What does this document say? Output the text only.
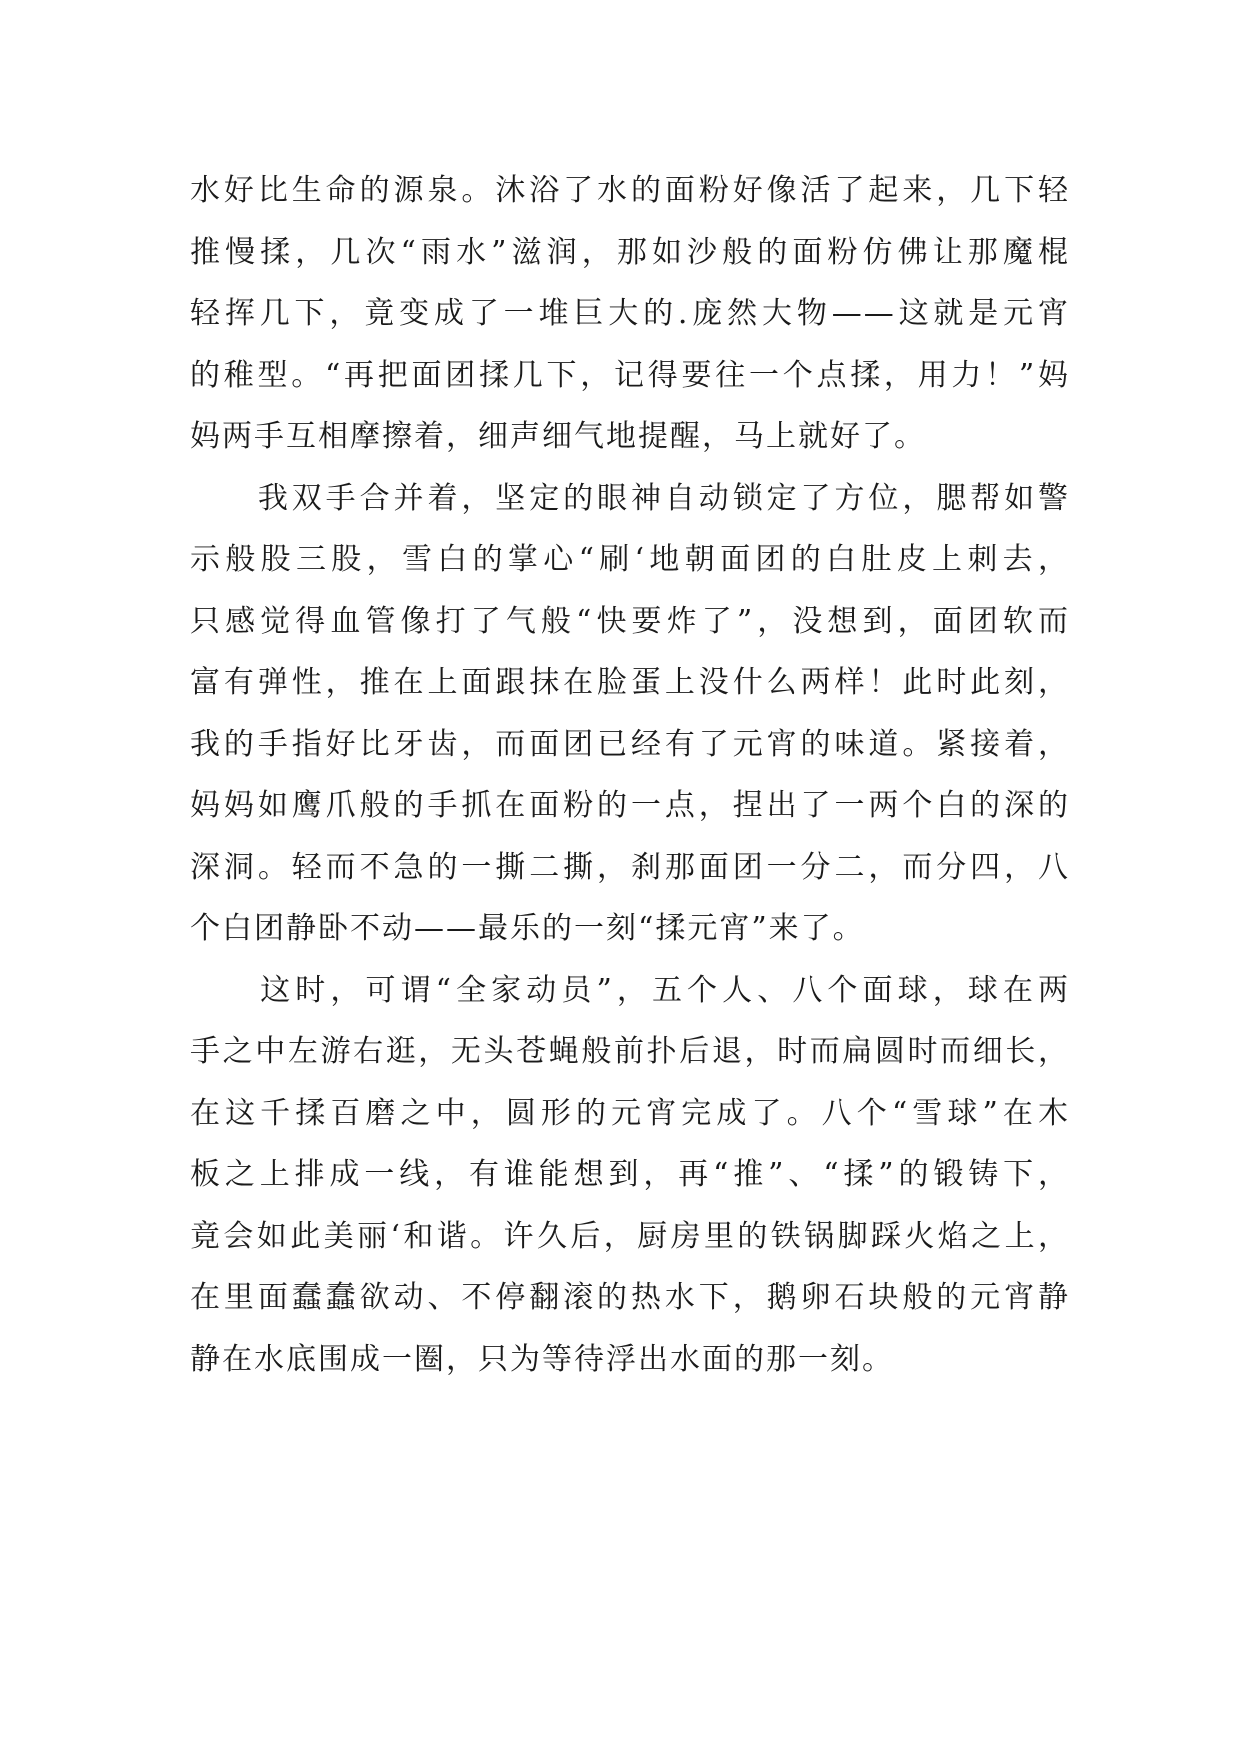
水好比生命的源泉。沐浴了水的面粉好像活了起来，几下轻
推慢揉，几次“雨水”滋润，那如沙般的面粉仿佛让那魔棍
轻挥几下，竟变成了一堆巨大的.庞然大物——这就是元宵
的稚型。“再把面团揉几下，记得要往一个点揉，用力！”妈
妈两手互相摩擦着，细声细气地提醒，马上就好了。
　　我双手合并着，坚定的眼神自动锁定了方位，腮帮如警
示般股三股，雪白的掌心“刷‘地朝面团的白肚皮上刺去，
只感觉得血管像打了气般“快要炸了”，没想到，面团软而
富有弹性，推在上面跟抹在脸蛋上没什么两样！此时此刻，
我的手指好比牙齿，而面团已经有了元宵的味道。紧接着，
妈妈如鹰爪般的手抓在面粉的一点，捏出了一两个白的深的
深洞。轻而不急的一撕二撕，刹那面团一分二，而分四，八
个白团静卧不动——最乐的一刻“揉元宵”来了。
　　这时，可谓“全家动员”，五个人、八个面球，球在两
手之中左游右逛，无头苍蝇般前扑后退，时而扁圆时而细长，
在这千揉百磨之中，圆形的元宵完成了。八个“雪球”在木
板之上排成一线，有谁能想到，再“推”、“揉”的锻铸下，
竟会如此美丽‘和谐。许久后，厨房里的铁锅脚踩火焰之上，
在里面蠢蠢欲动、不停翻滚的热水下，鹅卵石块般的元宵静
静在水底围成一圈，只为等待浮出水面的那一刻。
